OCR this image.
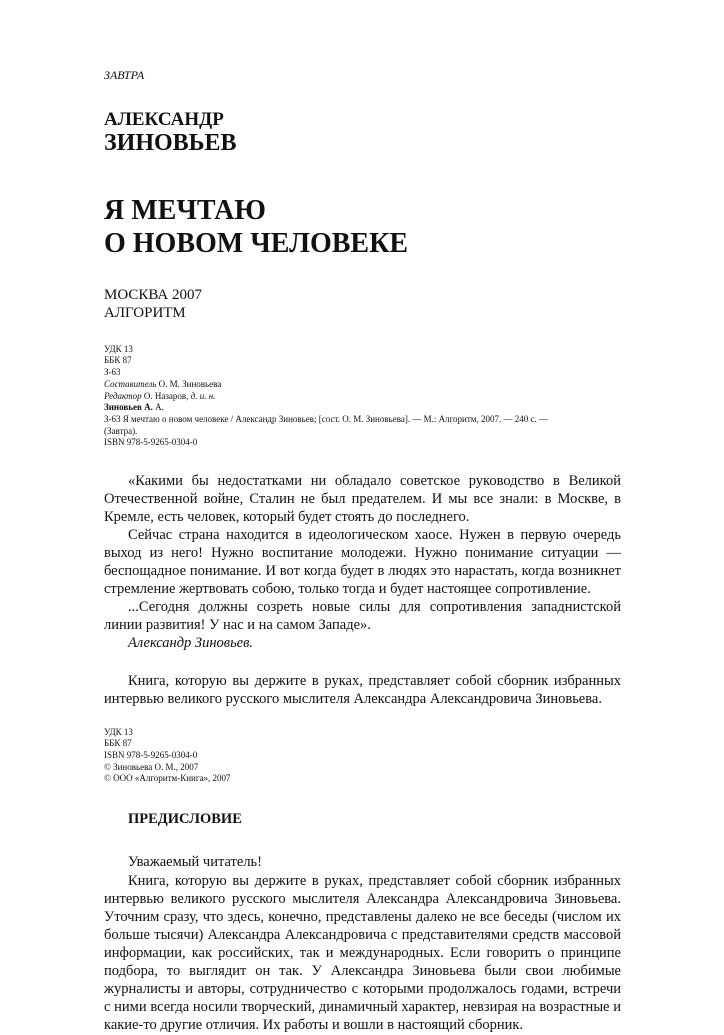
ЗАВТРА

АЛЕКСАНДР
ЗИНОВЬЕВ
Я МЕЧТАЮ
О НОВОМ ЧЕЛОВЕКЕ
МОСКВА 2007
АЛГОРИТМ
УДК 13
ББК 87
З-63
Составитель О. М. Зиновьева
Редактор О. Назаров, д. и. н.
Зиновьев А. А.
З-63 Я мечтаю о новом человеке / Александр Зиновьев; [сост. О. М. Зиновьева]. — М.: Алгоритм, 2007. — 240 с. —
(Завтра).
ISBN 978-5-9265-0304-0

«Какими бы недостатками ни обладало советское руководство в Великой Отечественной войне, Сталин не был предателем. И мы все знали: в Москве, в Кремле, есть человек, который будет стоять до последнего.

Сейчас страна находится в идеологическом хаосе. Нужен в первую очередь выход из него! Нужно воспитание молодежи. Нужно понимание ситуации — беспощадное понимание. И вот когда будет в людях это нарастать, когда возникнет стремление жертвовать собою, только тогда и будет настоящее сопротивление.

...Сегодня должны созреть новые силы для сопротивления западнистской линии развития! У нас и на самом Западе».

Александр Зиновьев.

Книга, которую вы держите в руках, представляет собой сборник избранных интервью великого русского мыслителя Александра Александровича Зиновьева.

УДК 13
ББК 87
ISBN 978-5-9265-0304-0
© Зиновьева О. М., 2007
© ООО «Алгоритм-Книга», 2007
ПРЕДИСЛОВИЕ

Уважаемый читатель!

Книга, которую вы держите в руках, представляет собой сборник избранных интервью великого русского мыслителя Александра Александровича Зиновьева. Уточним сразу, что здесь, конечно, представлены далеко не все беседы (числом их больше тысячи) Александра Александровича с представителями средств массовой информации, как российских, так и международных. Если говорить о принципе подбора, то выглядит он так. У Александра Зиновьева были свои любимые журналисты и авторы, сотрудничество с которыми продолжалось годами, встречи с ними всегда носили творческий, динамичный характер, невзирая на возрастные и какие-то другие отличия. Их работы и вошли в настоящий сборник.
